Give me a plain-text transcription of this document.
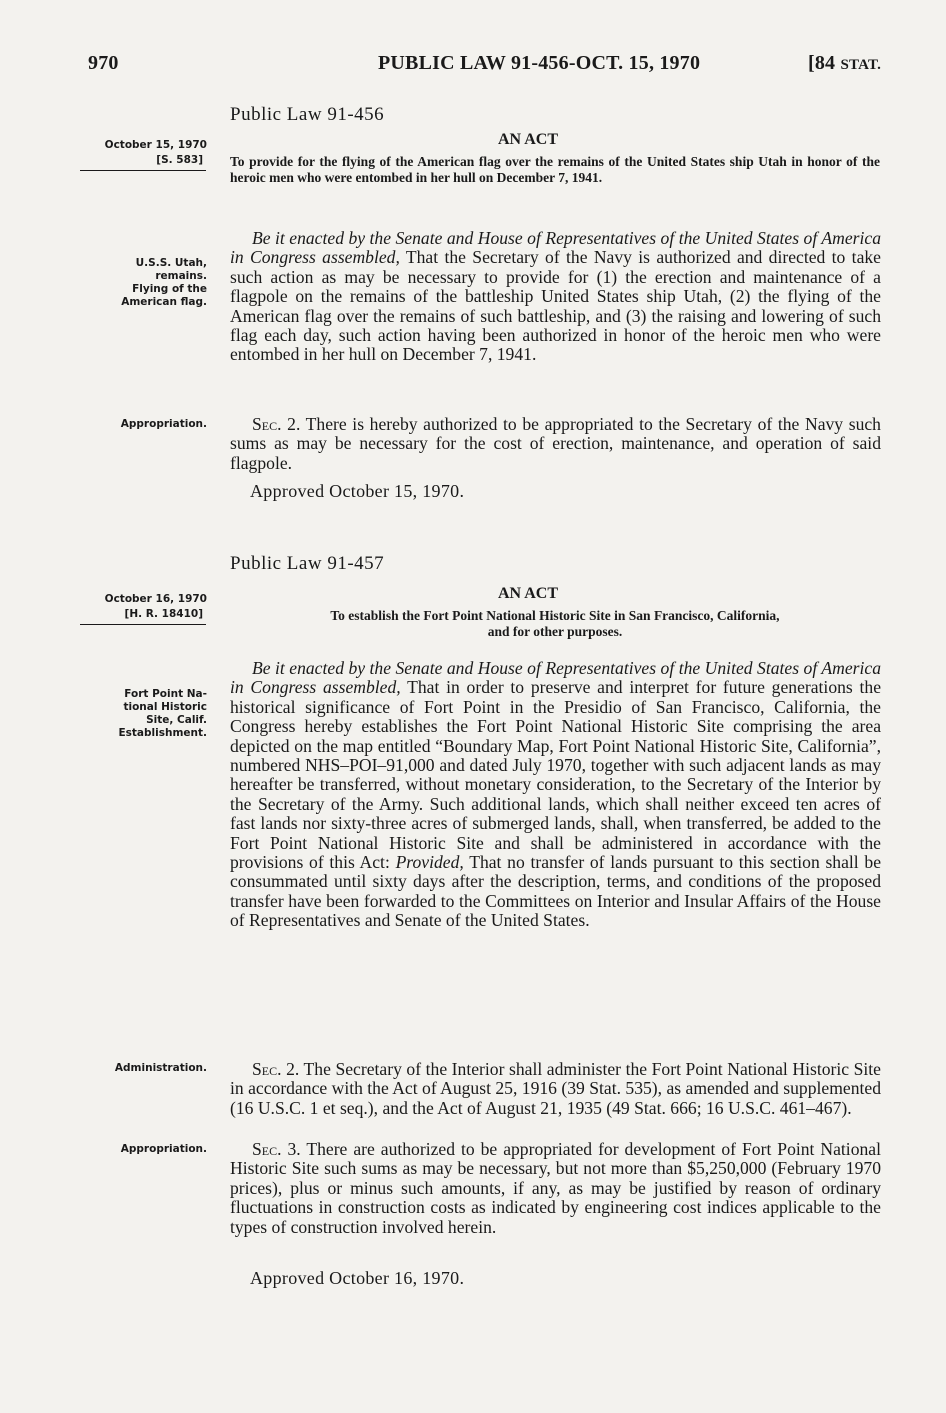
970	PUBLIC LAW 91-456-OCT. 15, 1970	[84 STAT.
Public Law 91-456
AN ACT
October 15, 1970
[S. 583] To provide for the flying of the American flag over the remains of the United States ship Utah in honor of the heroic men who were entombed in her hull on December 7, 1941.
U.S.S. Utah,
remains.
Flying of the
American flag.

Be it enacted by the Senate and House of Representatives of the United States of America in Congress assembled, That the Secretary of the Navy is authorized and directed to take such action as may be necessary to provide for (1) the erection and maintenance of a flagpole on the remains of the battleship United States ship Utah, (2) the flying of the American flag over the remains of such battleship, and (3) the raising and lowering of such flag each day, such action having been authorized in honor of the heroic men who were entombed in her hull on December 7, 1941.

Appropriation.	Sec. 2. There is hereby authorized to be appropriated to the Secretary of the Navy such sums as may be necessary for the cost of erection, maintenance, and operation of said flagpole.

Approved October 15, 1970.
Public Law 91-457
AN ACT
October 16, 1970
[H. R. 18410]	To establish the Fort Point National Historic Site in San Francisco, California,
and for other purposes.
Fort Point Na-
tional Historic
Site, Calif.
Establishment.

Be it enacted by the Senate and House of Representatives of the United States of America in Congress assembled, That in order to preserve and interpret for future generations the historical significance of Fort Point in the Presidio of San Francisco, California, the Congress hereby establishes the Fort Point National Historic Site comprising the area depicted on the map entitled “Boundary Map, Fort Point National Historic Site, California”, numbered NHS–POI–91,000 and dated July 1970, together with such adjacent lands as may hereafter be transferred, without monetary consideration, to the Secretary of the Interior by the Secretary of the Army. Such additional lands, which shall neither exceed ten acres of fast lands nor sixty-three acres of submerged lands, shall, when transferred, be added to the Fort Point National Historic Site and shall be administered in accordance with the provisions of this Act: Provided, That no transfer of lands pursuant to this section shall be consummated until sixty days after the description, terms, and conditions of the proposed transfer have been forwarded to the Committees on Interior and Insular Affairs of the House of Representatives and Senate of the United States.

Administration.	Sec. 2. The Secretary of the Interior shall administer the Fort Point National Historic Site in accordance with the Act of August 25, 1916 (39 Stat. 535), as amended and supplemented (16 U.S.C. 1 et seq.), and the Act of August 21, 1935 (49 Stat. 666; 16 U.S.C. 461–467).

Appropriation.	Sec. 3. There are authorized to be appropriated for development of Fort Point National Historic Site such sums as may be necessary, but not more than $5,250,000 (February 1970 prices), plus or minus such amounts, if any, as may be justified by reason of ordinary fluctuations in construction costs as indicated by engineering cost indices applicable to the types of construction involved herein.

Approved October 16, 1970.
